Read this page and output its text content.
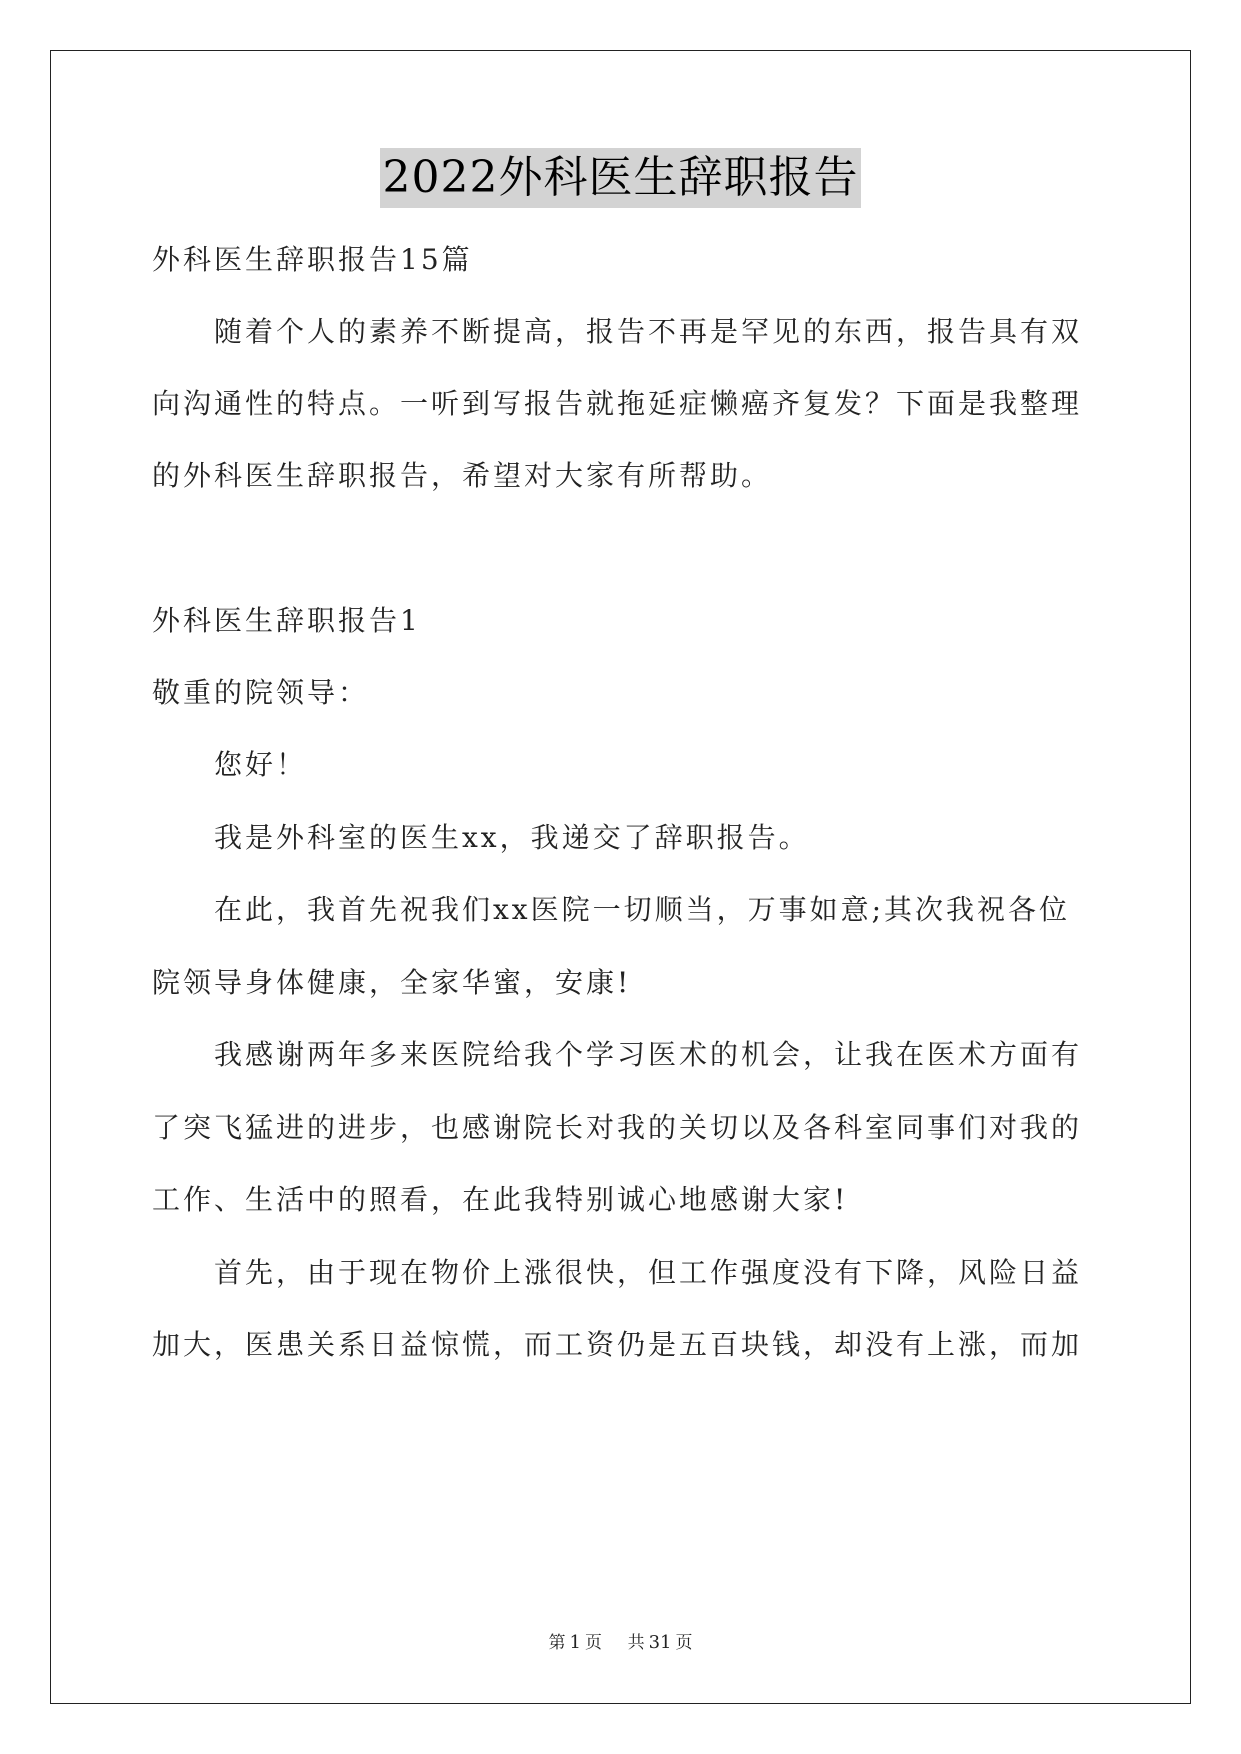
2022外科医生辞职报告
外科医生辞职报告15篇
随着个人的素养不断提高，报告不再是罕见的东西，报告具有双
向沟通性的特点。一听到写报告就拖延症懒癌齐复发？下面是我整理
的外科医生辞职报告，希望对大家有所帮助。
外科医生辞职报告1
敬重的院领导：
您好！
我是外科室的医生xx，我递交了辞职报告。
在此，我首先祝我们xx医院一切顺当，万事如意;其次我祝各位
院领导身体健康，全家华蜜，安康!
我感谢两年多来医院给我个学习医术的机会，让我在医术方面有
了突飞猛进的进步，也感谢院长对我的关切以及各科室同事们对我的
工作、生活中的照看，在此我特别诚心地感谢大家!
首先，由于现在物价上涨很快，但工作强度没有下降，风险日益
加大，医患关系日益惊慌，而工资仍是五百块钱，却没有上涨，而加
第 1 页 共 31 页
